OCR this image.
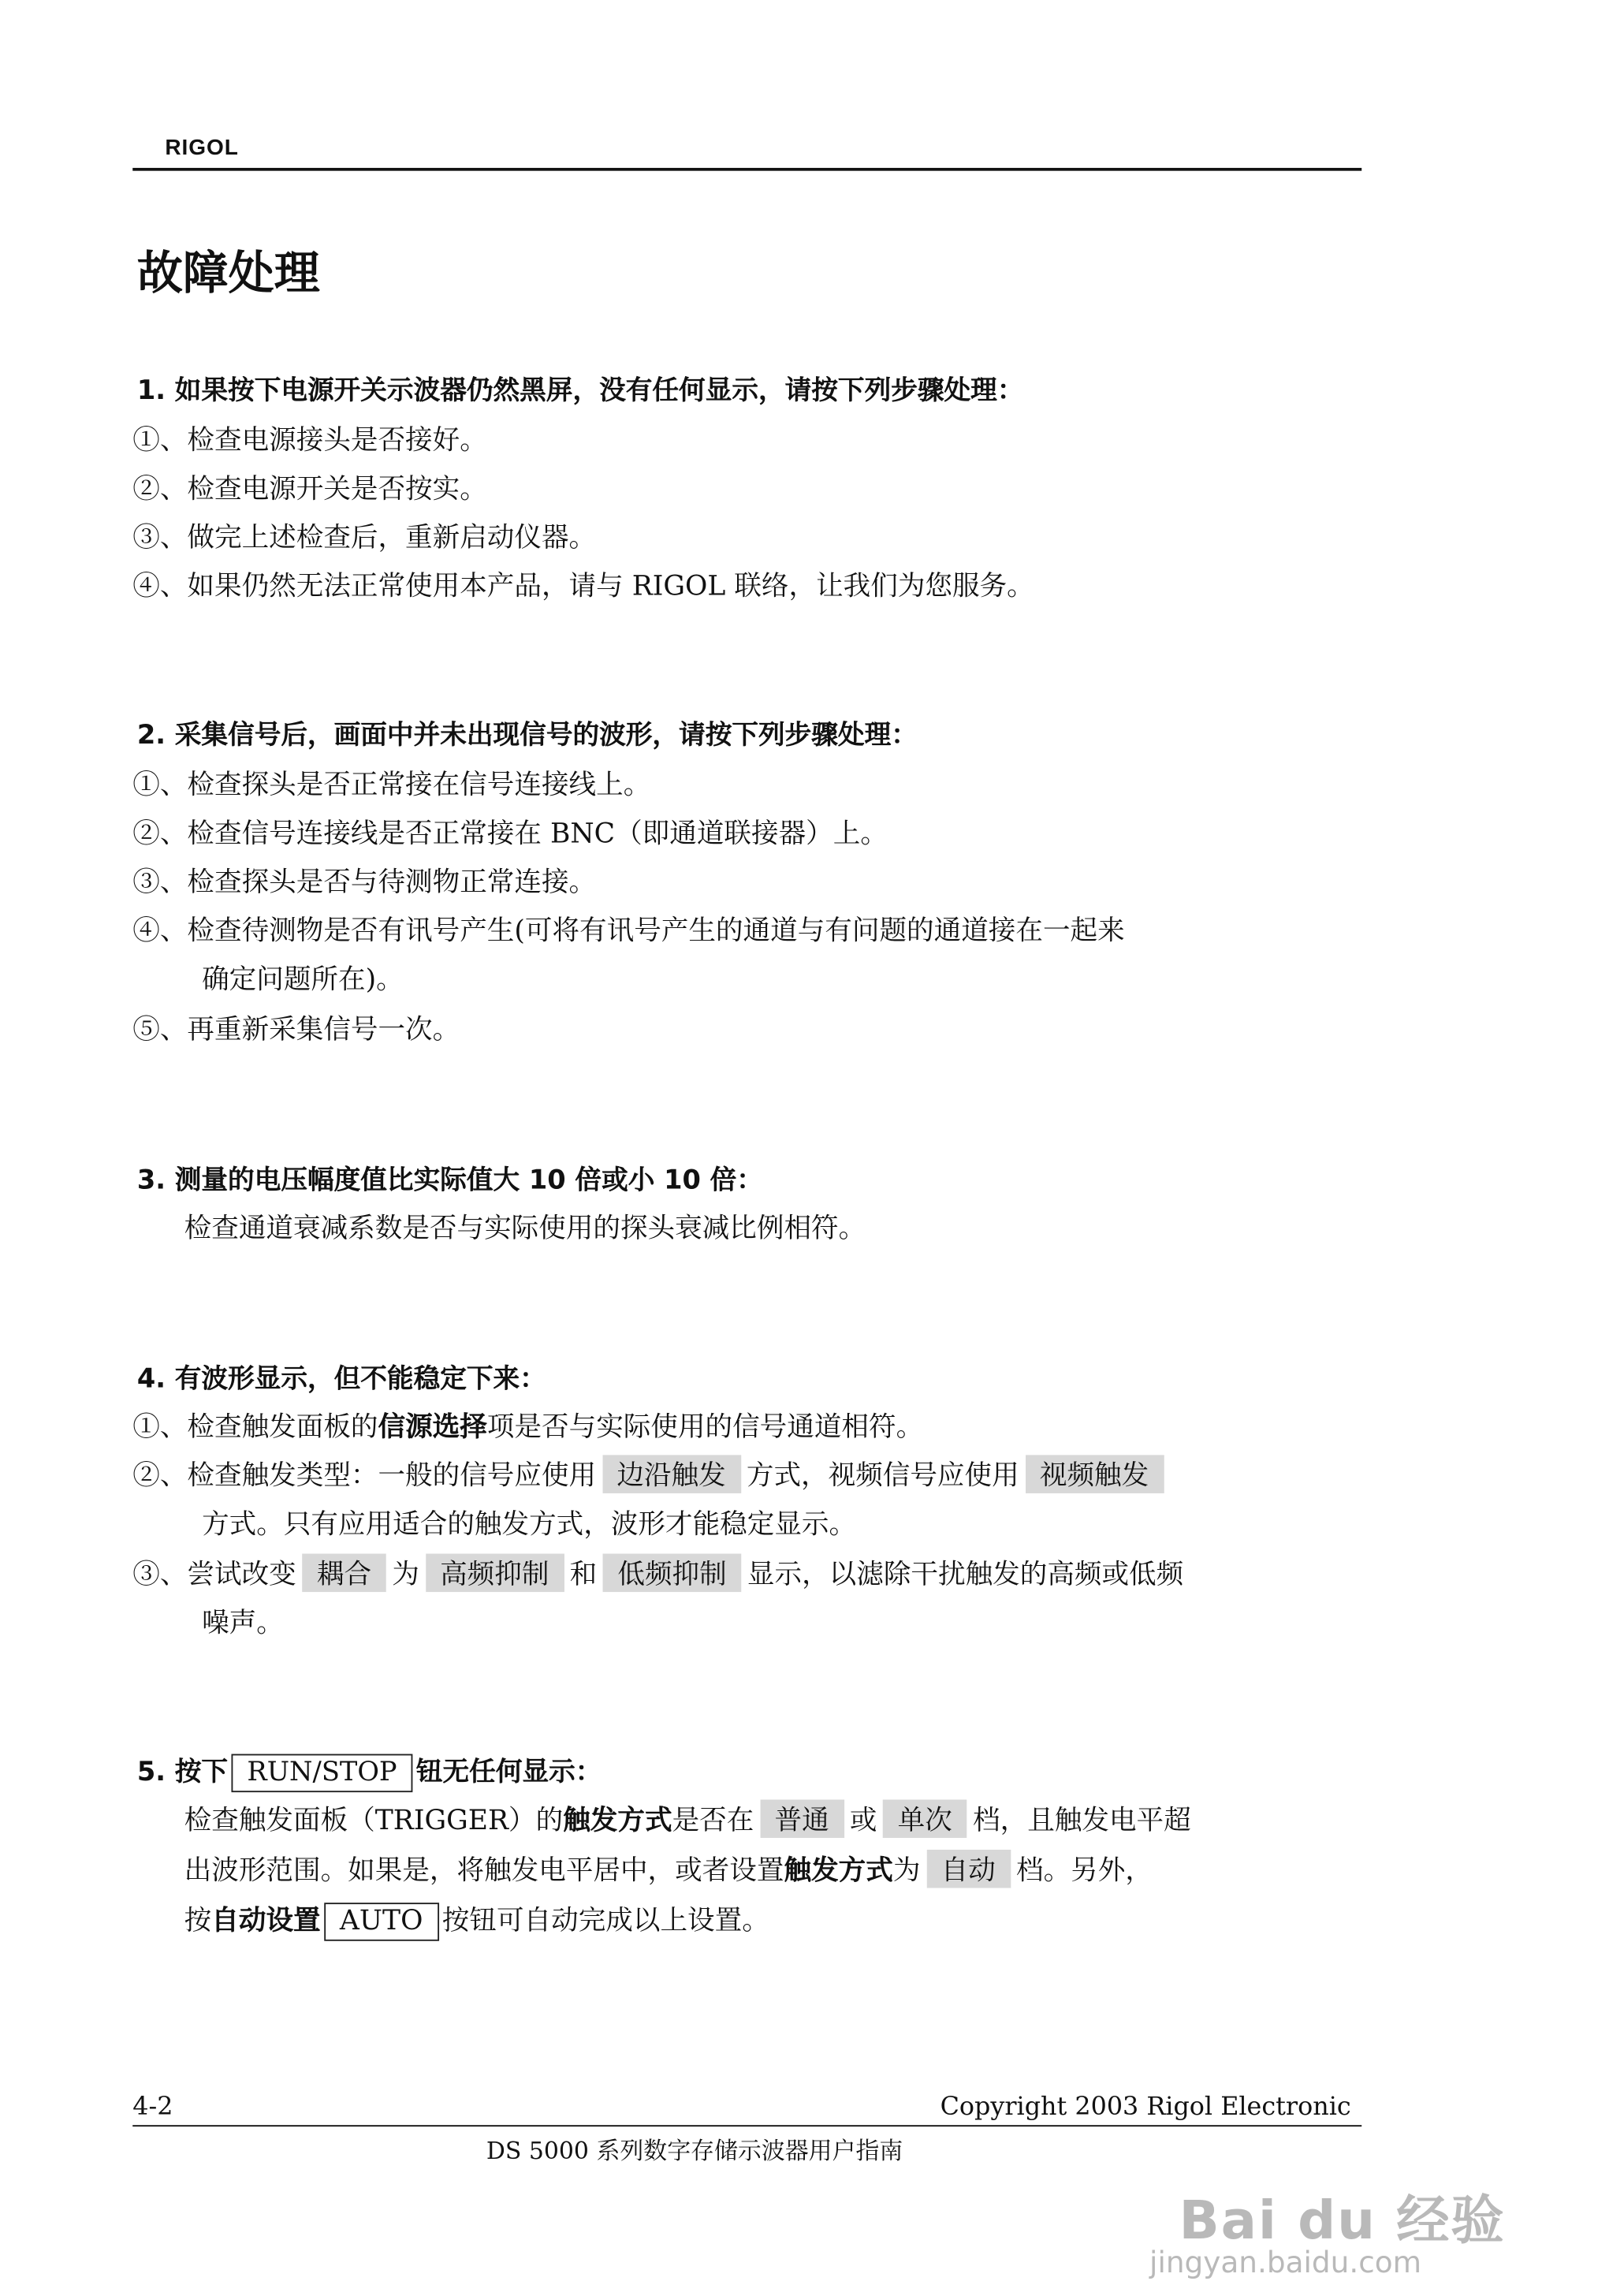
RIGOL
故障处理
1. 如果按下电源开关示波器仍然黑屏，没有任何显示，请按下列步骤处理：
①、检查电源接头是否接好。
②、检查电源开关是否按实。
③、做完上述检查后，重新启动仪器。
④、如果仍然无法正常使用本产品，请与 RIGOL 联络，让我们为您服务。
2. 采集信号后，画面中并未出现信号的波形，请按下列步骤处理：
①、检查探头是否正常接在信号连接线上。
②、检查信号连接线是否正常接在 BNC（即通道联接器）上。
③、检查探头是否与待测物正常连接。
④、检查待测物是否有讯号产生(可将有讯号产生的通道与有问题的通道接在一起来
确定问题所在)。
⑤、再重新采集信号一次。
3. 测量的电压幅度值比实际值大 10 倍或小 10 倍：
检查通道衰减系数是否与实际使用的探头衰减比例相符。
4. 有波形显示，但不能稳定下来：
①、检查触发面板的信源选择项是否与实际使用的信号通道相符。
②、检查触发类型：一般的信号应使用 边沿触发 方式，视频信号应使用 视频触发
方式。只有应用适合的触发方式，波形才能稳定显示。
③、尝试改变 耦合 为 高频抑制 和 低频抑制 显示，以滤除干扰触发的高频或低频
噪声。
5. 按下 RUN/STOP 钮无任何显示：
检查触发面板（TRIGGER）的触发方式是否在 普通 或 单次 档，且触发电平超
出波形范围。如果是，将触发电平居中，或者设置触发方式为 自动 档。另外，
按自动设置 AUTO 按钮可自动完成以上设置。
4-2	Copyright 2003 Rigol Electronic
DS 5000 系列数字存储示波器用户指南
Bai du 经验
jingyan.baidu.com
